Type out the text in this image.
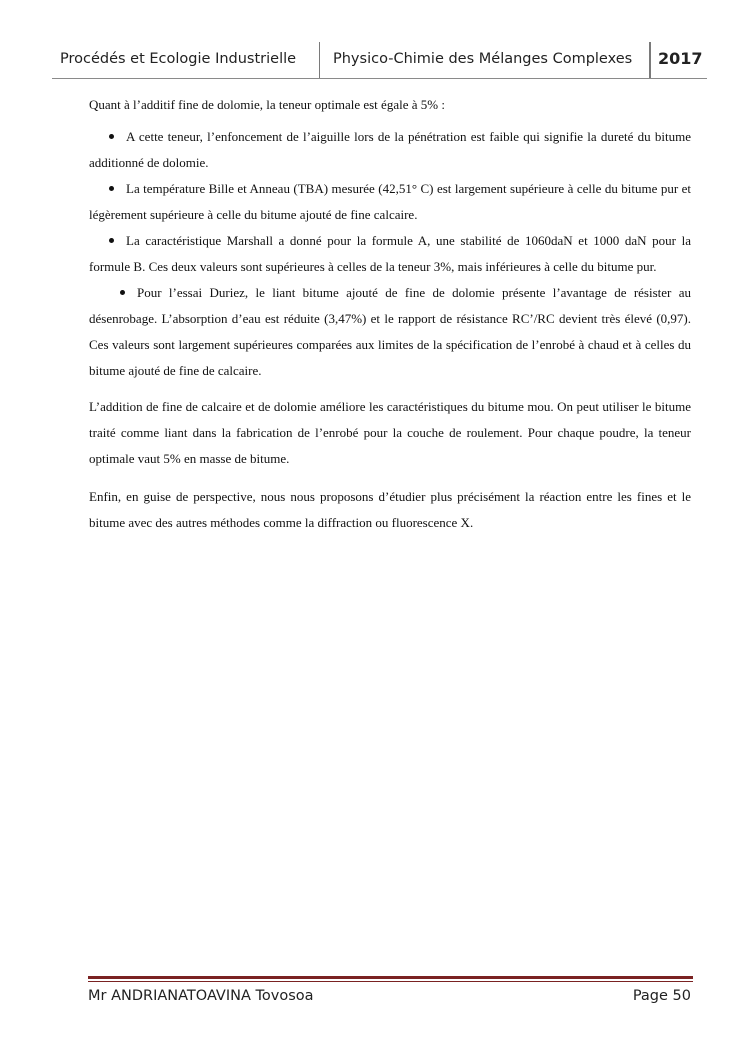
Procédés et Ecologie Industrielle	Physico-Chimie des Mélanges Complexes 2017

Quant à l’additif fine de dolomie, la teneur optimale est égale à 5% :

A cette teneur, l’enfoncement de l’aiguille lors de la pénétration est faible qui signifie la dureté du bitume additionné de dolomie.
La température Bille et Anneau (TBA) mesurée (42,51° C) est largement supérieure à celle du bitume pur et légèrement supérieure à celle du bitume ajouté de fine calcaire.
La caractéristique Marshall a donné pour la formule A, une stabilité de 1060daN et 1000 daN pour la formule B. Ces deux valeurs sont supérieures à celles de la teneur 3%, mais inférieures à celle du bitume pur.
Pour l’essai Duriez, le liant bitume ajouté de fine de dolomie présente l’avantage de résister au désenrobage. L’absorption d’eau est réduite (3,47%) et le rapport de résistance RC’/RC devient très élevé (0,97). Ces valeurs sont largement supérieures comparées aux limites de la spécification de l’enrobé à chaud et à celles du bitume ajouté de fine de calcaire.

L’addition de fine de calcaire et de dolomie améliore les caractéristiques du bitume mou. On peut utiliser le bitume traité comme liant dans la fabrication de l’enrobé pour la couche de roulement. Pour chaque poudre, la teneur optimale vaut 5% en masse de bitume.

Enfin, en guise de perspective, nous nous proposons d’étudier plus précisément la réaction entre les fines et le bitume avec des autres méthodes comme la diffraction ou fluorescence X.

Mr ANDRIANATOAVINA Tovosoa	Page 50
